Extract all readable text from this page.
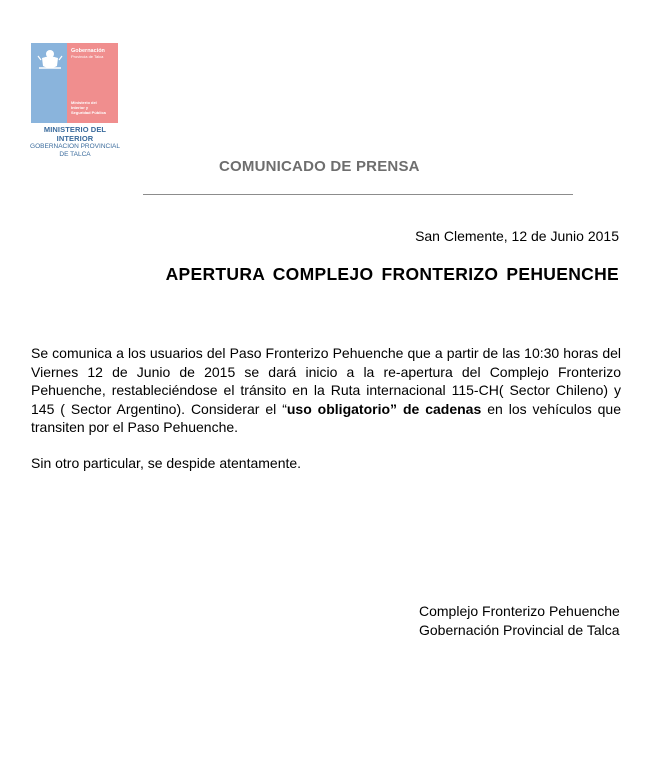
Gobernación
Provincia de Talca
Ministerio del
Interior y
Seguridad Pública
MINISTERIO DEL INTERIOR
GOBERNACION PROVINCIAL
DE TALCA
COMUNICADO DE PRENSA
San Clemente, 12 de Junio 2015
APERTURA COMPLEJO FRONTERIZO PEHUENCHE
Se comunica a los usuarios del Paso Fronterizo Pehuenche que a partir de las 10:30 horas del Viernes 12 de Junio de 2015 se dará inicio a la re-apertura del Complejo Fronterizo Pehuenche, restableciéndose el tránsito en la Ruta internacional 115-CH( Sector Chileno) y 145 ( Sector Argentino). Considerar el “uso obligatorio” de cadenas en los vehículos que transiten por el Paso Pehuenche.
Sin otro particular, se despide atentamente.
Complejo Fronterizo Pehuenche
Gobernación Provincial de Talca
